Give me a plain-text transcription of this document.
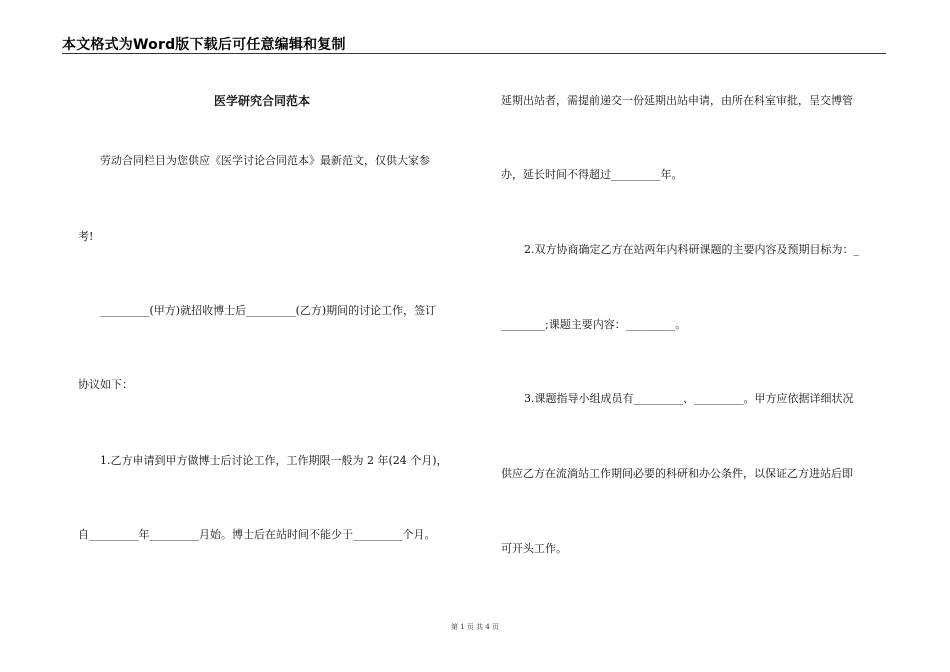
本文格式为Word版下载后可任意编辑和复制
医学研究合同范本
劳动合同栏目为您供应《医学讨论合同范本》最新范文，仅供大家参
考!
_________(甲方)就招收博士后_________(乙方)期间的讨论工作，签订
协议如下：
1.乙方申请到甲方做博士后讨论工作，工作期限一般为 2 年(24 个月)，
自_________年_________月始。博士后在站时间不能少于_________个月。
延期出站者，需提前递交一份延期出站申请，由所在科室审批，呈交博管
办，延长时间不得超过_________年。
2.双方协商确定乙方在站两年内科研课题的主要内容及预期目标为：_
________;课题主要内容：_________。
3.课题指导小组成员有_________、_________。甲方应依据详细状况
供应乙方在流淌站工作期间必要的科研和办公条件，以保证乙方进站后即
可开头工作。
第 1 页 共 4 页
